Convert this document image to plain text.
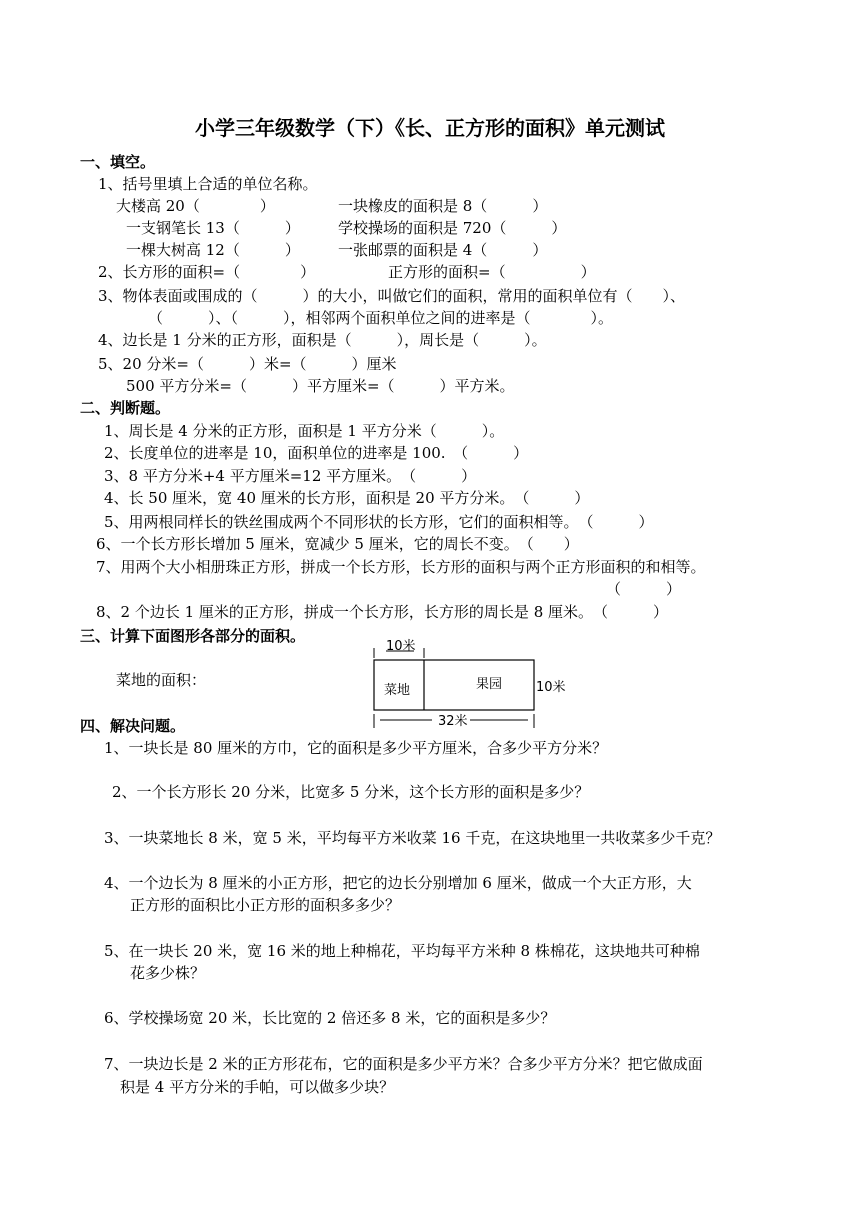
小学三年级数学（下）《长、正方形的面积》单元测试
一、填空。
1、括号里填上合适的单位名称。
大楼高 20（　　　　）	一块橡皮的面积是 8（　　　）
一支钢笔长 13（　　　）	学校操场的面积是 720（　　　）
一棵大树高 12（　　　）	一张邮票的面积是 4（　　　）
2、长方形的面积=（　　　　）	正方形的面积=（　　　　　）
3、物体表面或围成的（　　　）的大小，叫做它们的面积，常用的面积单位有（　　）、
（　　　）、（　　　），相邻两个面积单位之间的进率是（　　　　）。
4、边长是 1 分米的正方形，面积是（　　　），周长是（　　　）。
5、20 分米=（　　　）米=（　　　）厘米
500 平方分米=（　　　）平方厘米=（　　　）平方米。
二、判断题。
1、周长是 4 分米的正方形，面积是 1 平方分米（　　　）。
2、长度单位的进率是 10，面积单位的进率是 100.　（　　　）
3、8 平方分米+4 平方厘米=12 平方厘米。　（　　　）
4、长 50 厘米，宽 40 厘米的长方形，面积是 20 平方分米。　（　　　）
5、用两根同样长的铁丝围成两个不同形状的长方形，它们的面积相等。　（　　　）
6、一个长方形长增加 5 厘米，宽减少 5 厘米，它的周长不变。　（　　）
7、用两个大小相册珠正方形，拼成一个长方形，长方形的面积与两个正方形面积的和相等。
（　　　）
8、2 个边长 1 厘米的正方形，拼成一个长方形，长方形的周长是 8 厘米。　（　　　）
三、计算下面图形各部分的面积。
菜地的面积：
10米
菜地	果园	10米
32米
四、解决问题。
1、一块长是 80 厘米的方巾，它的面积是多少平方厘米，合多少平方分米？
2、一个长方形长 20 分米，比宽多 5 分米，这个长方形的面积是多少？
3、一块菜地长 8 米，宽 5 米，平均每平方米收菜 16 千克，在这块地里一共收菜多少千克？
4、一个边长为 8 厘米的小正方形，把它的边长分别增加 6 厘米，做成一个大正方形，大
正方形的面积比小正方形的面积多多少？
5、在一块长 20 米，宽 16 米的地上种棉花，平均每平方米种 8 株棉花，这块地共可种棉
花多少株？
6、学校操场宽 20 米，长比宽的 2 倍还多 8 米，它的面积是多少？
7、一块边长是 2 米的正方形花布，它的面积是多少平方米？合多少平方分米？把它做成面
积是 4 平方分米的手帕，可以做多少块？
